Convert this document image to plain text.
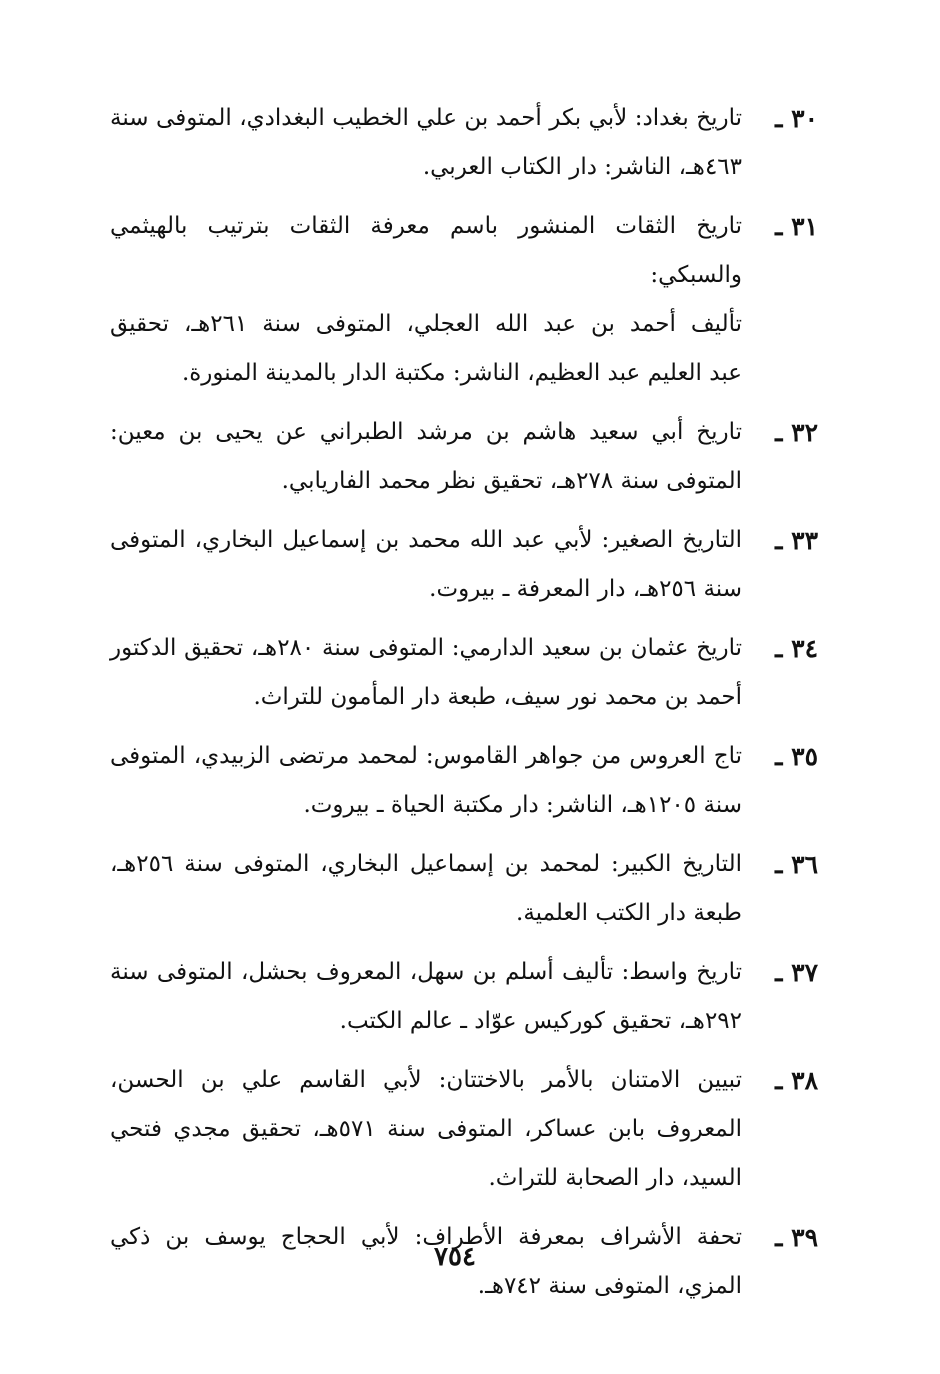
٣٠ ـ
تاريخ بغداد: لأبي بكر أحمد بن علي الخطيب البغدادي، المتوفى سنة
٤٦٣هـ، الناشر: دار الكتاب العربي.
٣١ ـ
تاريخ الثقات المنشور باسم معرفة الثقات بترتيب بالهيثمي والسبكي:
تأليف أحمد بن عبد الله العجلي، المتوفى سنة ٢٦١هـ، تحقيق
عبد العليم عبد العظيم، الناشر: مكتبة الدار بالمدينة المنورة.
٣٢ ـ
تاريخ أبي سعيد هاشم بن مرشد الطبراني عن يحيى بن معين:
المتوفى سنة ٢٧٨هـ، تحقيق نظر محمد الفاريابي.
٣٣ ـ
التاريخ الصغير: لأبي عبد الله محمد بن إسماعيل البخاري، المتوفى
سنة ٢٥٦هـ، دار المعرفة ـ بيروت.
٣٤ ـ
تاريخ عثمان بن سعيد الدارمي: المتوفى سنة ٢٨٠هـ، تحقيق الدكتور
أحمد بن محمد نور سيف، طبعة دار المأمون للتراث.
٣٥ ـ
تاج العروس من جواهر القاموس: لمحمد مرتضى الزبيدي، المتوفى
سنة ١٢٠٥هـ، الناشر: دار مكتبة الحياة ـ بيروت.
٣٦ ـ
التاريخ الكبير: لمحمد بن إسماعيل البخاري، المتوفى سنة ٢٥٦هـ،
طبعة دار الكتب العلمية.
٣٧ ـ
تاريخ واسط: تأليف أسلم بن سهل، المعروف بحشل، المتوفى سنة
٢٩٢هـ، تحقيق كوركيس عوّاد ـ عالم الكتب.
٣٨ ـ
تبيين الامتنان بالأمر بالاختتان: لأبي القاسم علي بن الحسن،
المعروف بابن عساكر، المتوفى سنة ٥٧١هـ، تحقيق مجدي فتحي
السيد، دار الصحابة للتراث.
٣٩ ـ
تحفة الأشراف بمعرفة الأطراف: لأبي الحجاج يوسف بن ذكي
المزي، المتوفى سنة ٧٤٢هـ.
٧٥٤
